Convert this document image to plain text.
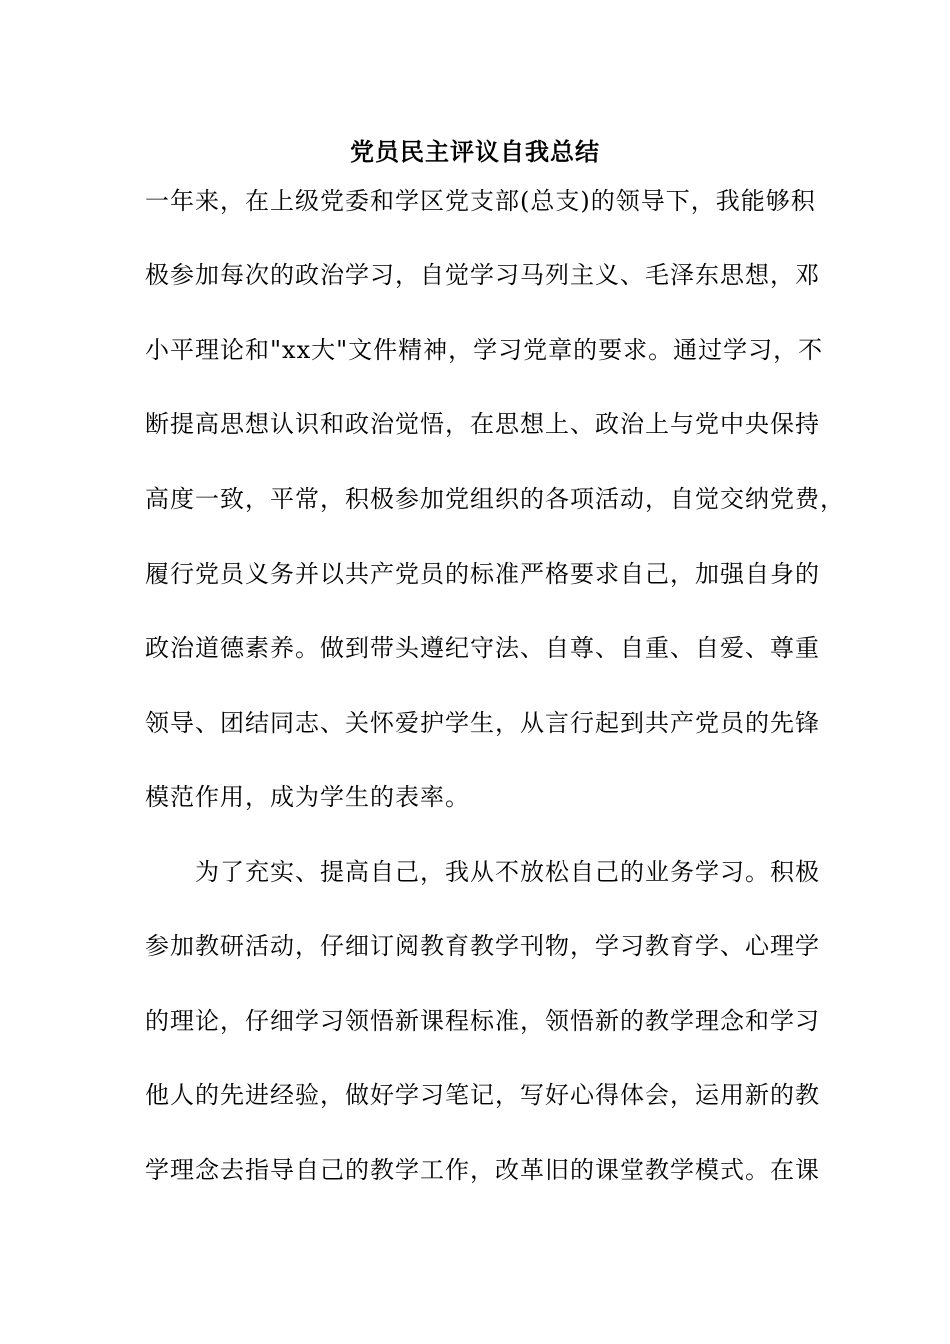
党员民主评议自我总结
一年来，在上级党委和学区党支部(总支)的领导下，我能够积
极参加每次的政治学习，自觉学习马列主义、毛泽东思想，邓
小平理论和"xx大"文件精神，学习党章的要求。通过学习，不
断提高思想认识和政治觉悟，在思想上、政治上与党中央保持
高度一致，平常，积极参加党组织的各项活动，自觉交纳党费，
履行党员义务并以共产党员的标准严格要求自己，加强自身的
政治道德素养。做到带头遵纪守法、自尊、自重、自爱、尊重
领导、团结同志、关怀爱护学生，从言行起到共产党员的先锋
模范作用，成为学生的表率。
　　为了充实、提高自己，我从不放松自己的业务学习。积极
参加教研活动，仔细订阅教育教学刊物，学习教育学、心理学
的理论，仔细学习领悟新课程标准，领悟新的教学理念和学习
他人的先进经验，做好学习笔记，写好心得体会，运用新的教
学理念去指导自己的教学工作，改革旧的课堂教学模式。在课
